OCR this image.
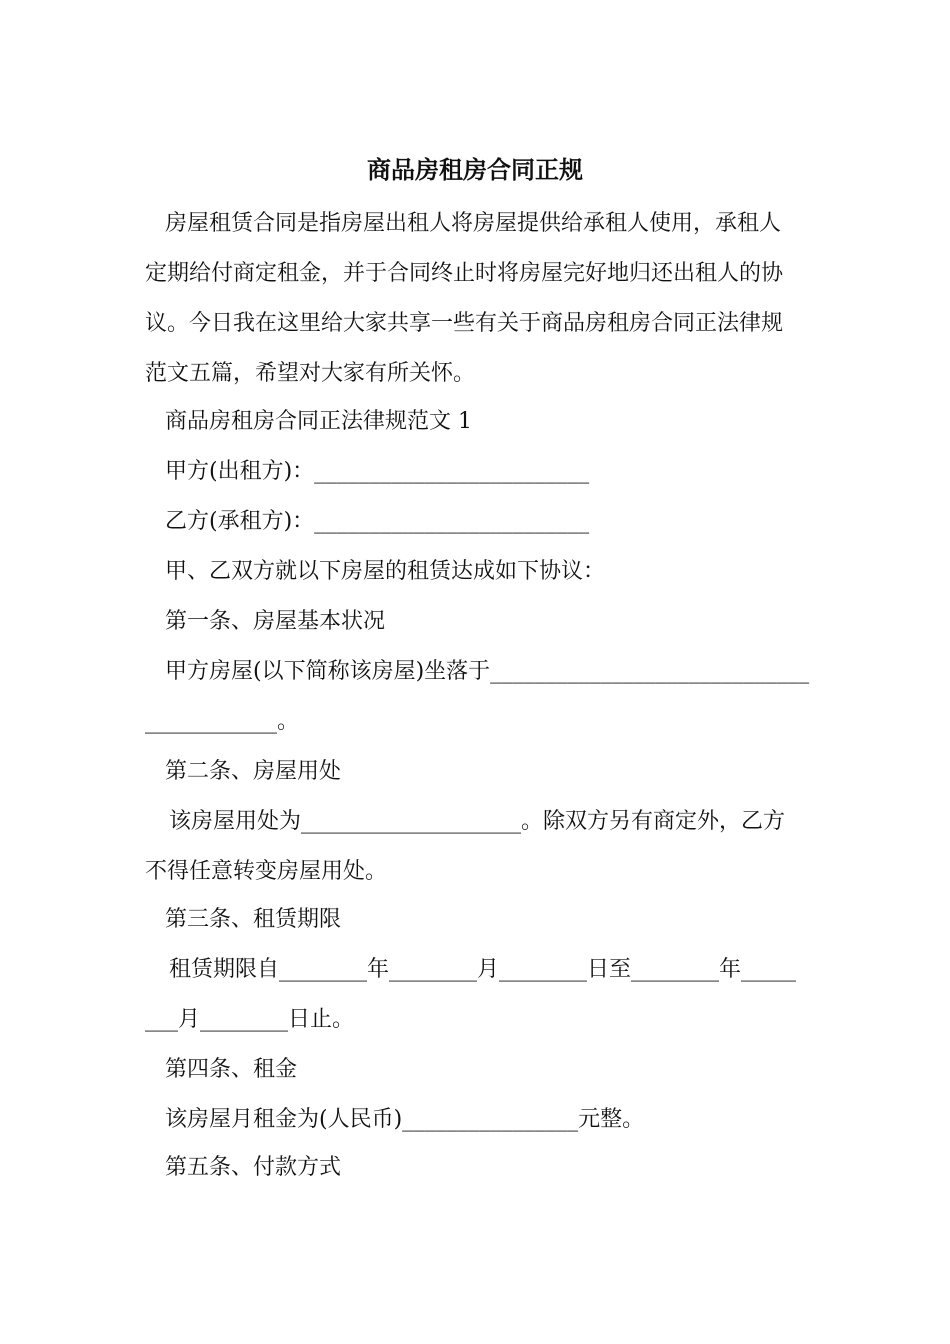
商品房租房合同正规
房屋租赁合同是指房屋出租人将房屋提供给承租人使用，承租人
定期给付商定租金，并于合同终止时将房屋完好地归还出租人的协
议。今日我在这里给大家共享一些有关于商品房租房合同正法律规
范文五篇，希望对大家有所关怀。
商品房租房合同正法律规范文 1
甲方(出租方)：_________________________
乙方(承租方)：_________________________
甲、乙双方就以下房屋的租赁达成如下协议：
第一条、房屋基本状况
甲方房屋(以下简称该房屋)坐落于_____________________________
____________。
第二条、房屋用处
该房屋用处为____________________。除双方另有商定外，乙方
不得任意转变房屋用处。
第三条、租赁期限
租赁期限自________年________月________日至________年_____
___月________日止。
第四条、租金
该房屋月租金为(人民币)________________元整。
第五条、付款方式
